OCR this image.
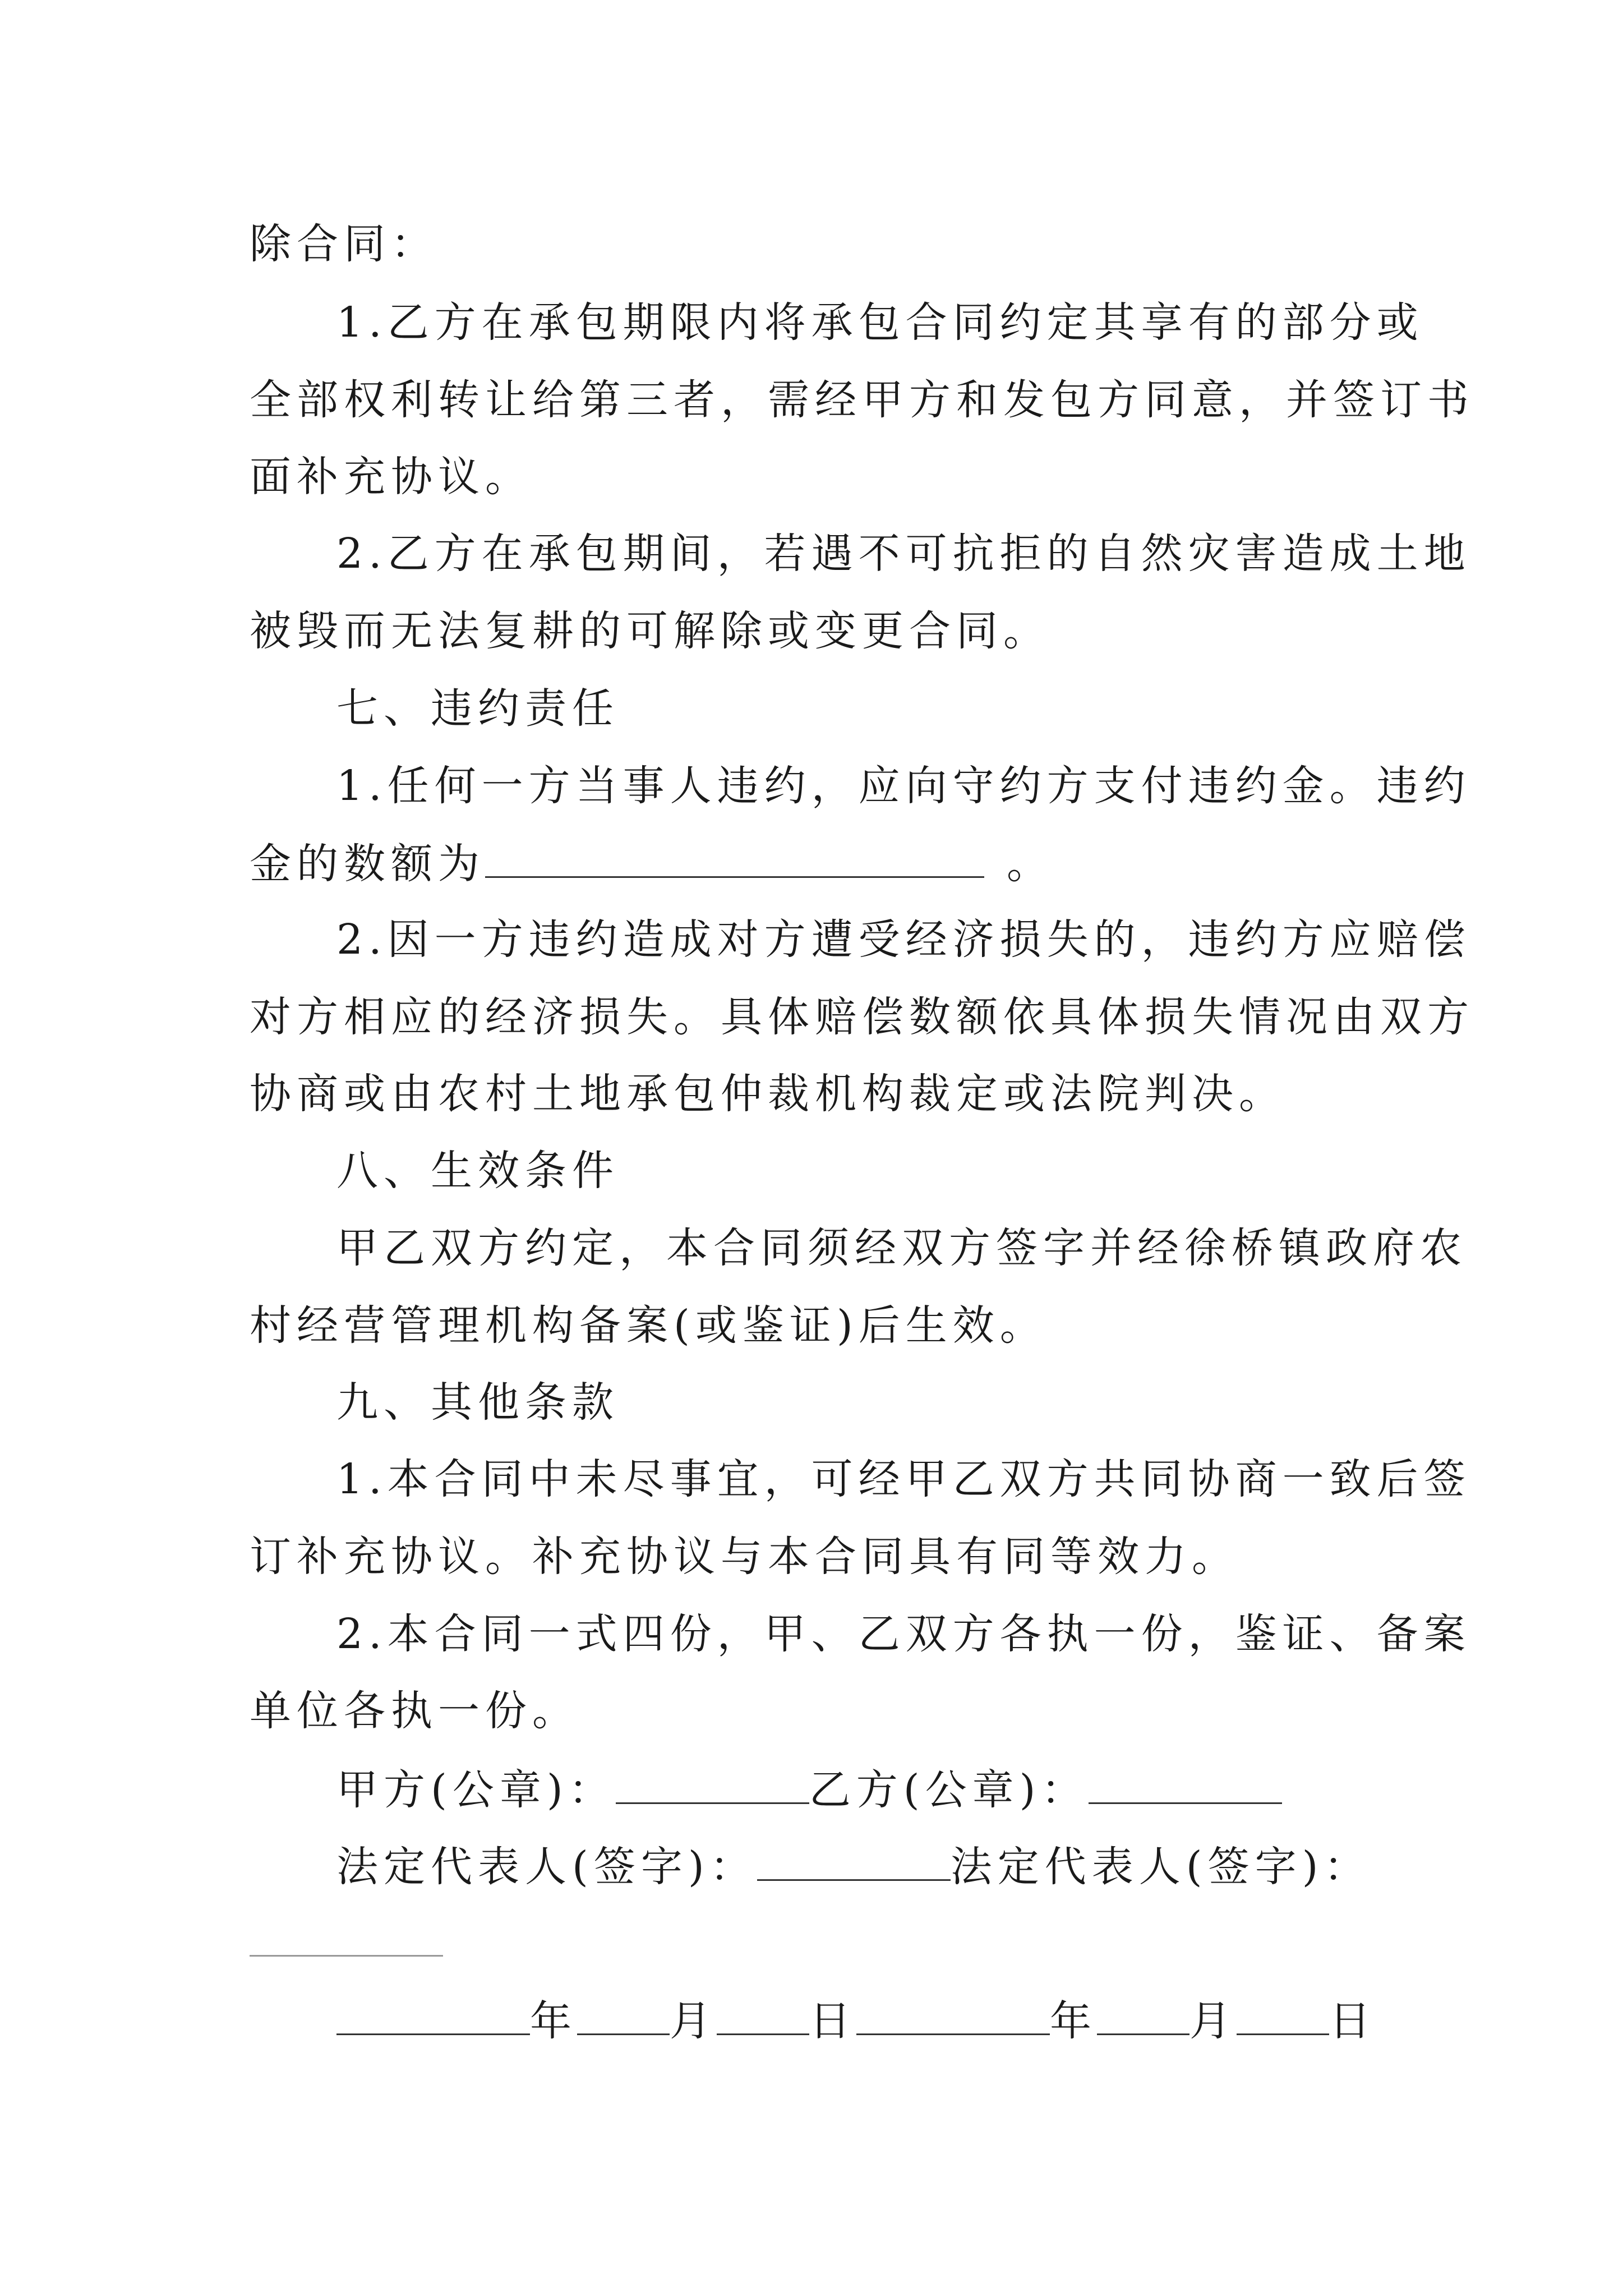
除合同：
1.乙方在承包期限内将承包合同约定其享有的部分或
全部权利转让给第三者，需经甲方和发包方同意，并签订书
面补充协议。
2.乙方在承包期间，若遇不可抗拒的自然灾害造成土地
被毁而无法复耕的可解除或变更合同。
七、违约责任
1.任何一方当事人违约，应向守约方支付违约金。违约
金的数额为	。
2.因一方违约造成对方遭受经济损失的，违约方应赔偿
对方相应的经济损失。具体赔偿数额依具体损失情况由双方
协商或由农村土地承包仲裁机构裁定或法院判决。
八、生效条件
甲乙双方约定，本合同须经双方签字并经徐桥镇政府农
村经营管理机构备案(或鉴证)后生效。
九、其他条款
1.本合同中未尽事宜，可经甲乙双方共同协商一致后签
订补充协议。补充协议与本合同具有同等效力。
2.本合同一式四份，甲、乙双方各执一份，鉴证、备案
单位各执一份。
甲方(公章)：	乙方(公章)：
法定代表人(签字)：	法定代表人(签字)：
年 月 日	年 月 日
